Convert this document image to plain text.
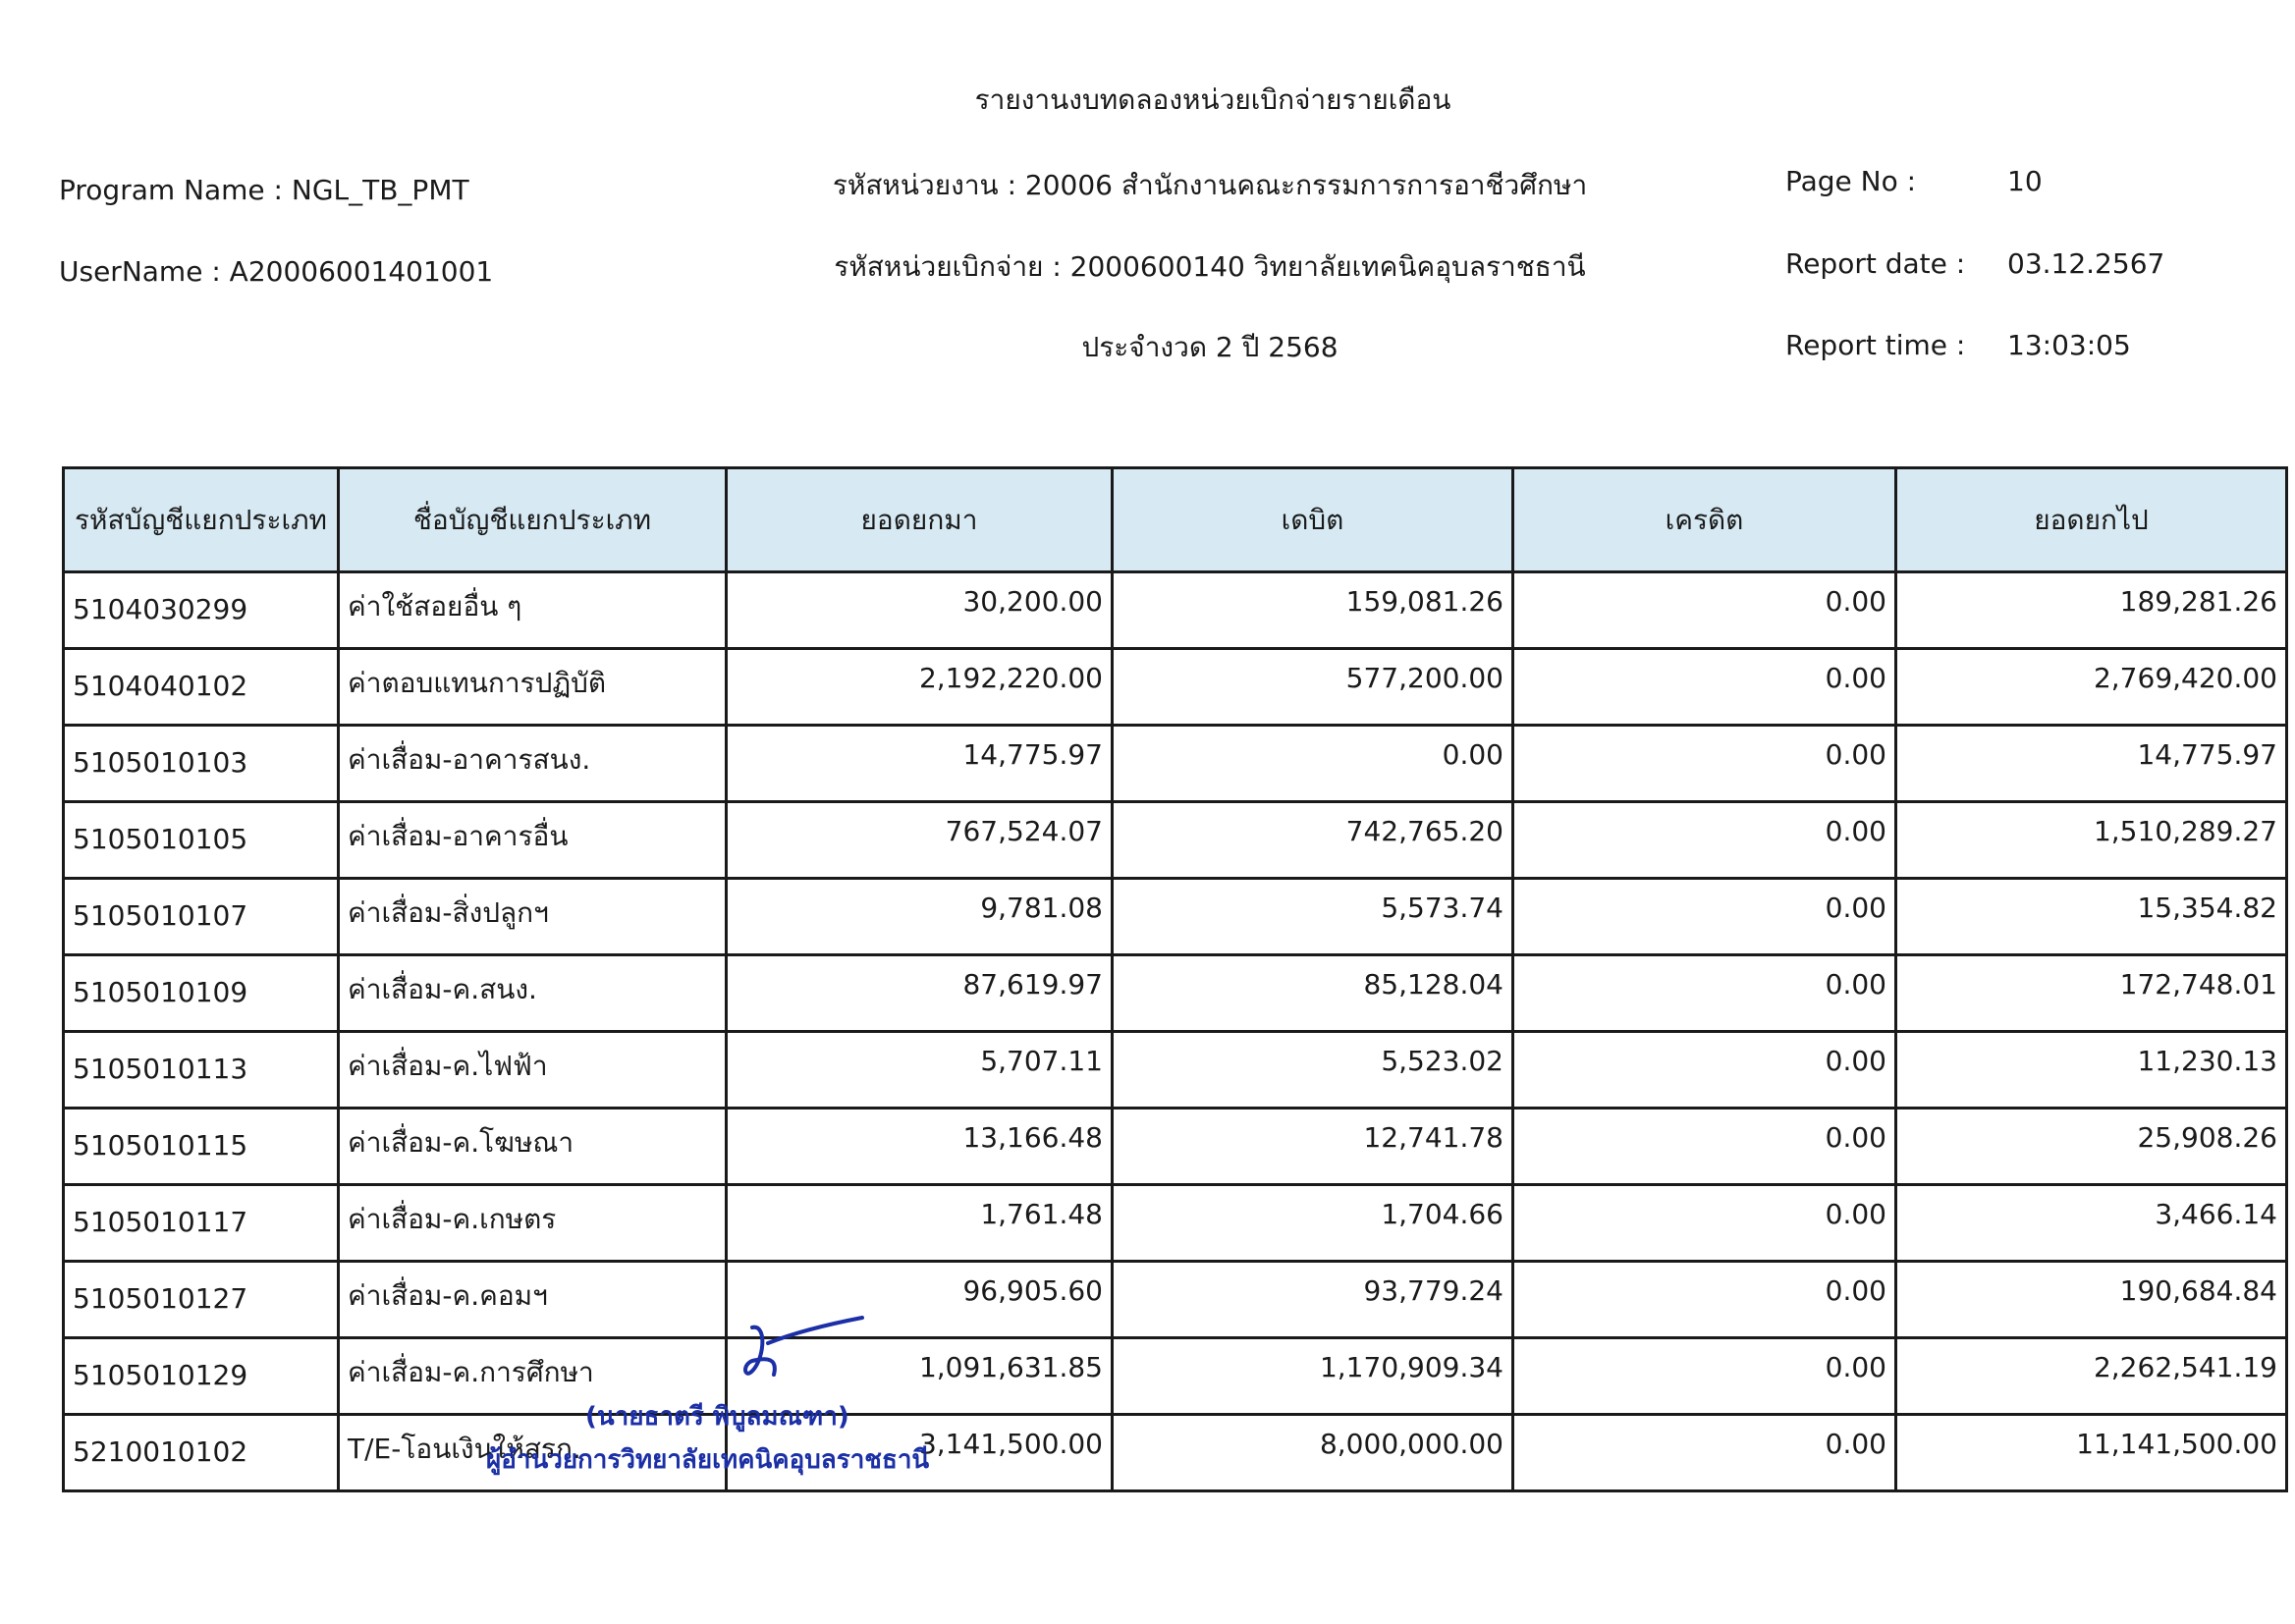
รายงานงบทดลองหน่วยเบิกจ่ายรายเดือน
Program Name : NGL_TB_PMT
UserName : A20006001401001
รหัสหน่วยงาน : 20006 สำนักงานคณะกรรมการการอาชีวศึกษา
รหัสหน่วยเบิกจ่าย : 2000600140 วิทยาลัยเทคนิคอุบลราชธานี
ประจำงวด 2 ปี 2568
Page No :	10
Report date : 03.12.2567
Report time : 13:03:05
รหัสบัญชีแยกประเภท	ชื่อบัญชีแยกประเภท	ยอดยกมา	เดบิต	เครดิต	ยอดยกไป
5104030299	ค่าใช้สอยอื่น ๆ	30,200.00	159,081.26	0.00	189,281.26
5104040102	ค่าตอบแทนการปฏิบัติ	2,192,220.00	577,200.00	0.00	2,769,420.00
5105010103	ค่าเสื่อม-อาคารสนง.	14,775.97	0.00	0.00	14,775.97
5105010105	ค่าเสื่อม-อาคารอื่น	767,524.07	742,765.20	0.00	1,510,289.27
5105010107	ค่าเสื่อม-สิ่งปลูกฯ	9,781.08	5,573.74	0.00	15,354.82
5105010109	ค่าเสื่อม-ค.สนง.	87,619.97	85,128.04	0.00	172,748.01
5105010113	ค่าเสื่อม-ค.ไฟฟ้า	5,707.11	5,523.02	0.00	11,230.13
5105010115	ค่าเสื่อม-ค.โฆษณา	13,166.48	12,741.78	0.00	25,908.26
5105010117	ค่าเสื่อม-ค.เกษตร	1,761.48	1,704.66	0.00	3,466.14
5105010127	ค่าเสื่อม-ค.คอมฯ	96,905.60	93,779.24	0.00	190,684.84
5105010129	ค่าเสื่อม-ค.การศึกษา	1,091,631.85	1,170,909.34	0.00	2,262,541.19
5210010102	T/E-โอนเงินให้สรก.	3,141,500.00	8,000,000.00	0.00	11,141,500.00
(นายธาตรี พิบูลมณฑา)
ผู้อำนวยการวิทยาลัยเทคนิคอุบลราชธานี
